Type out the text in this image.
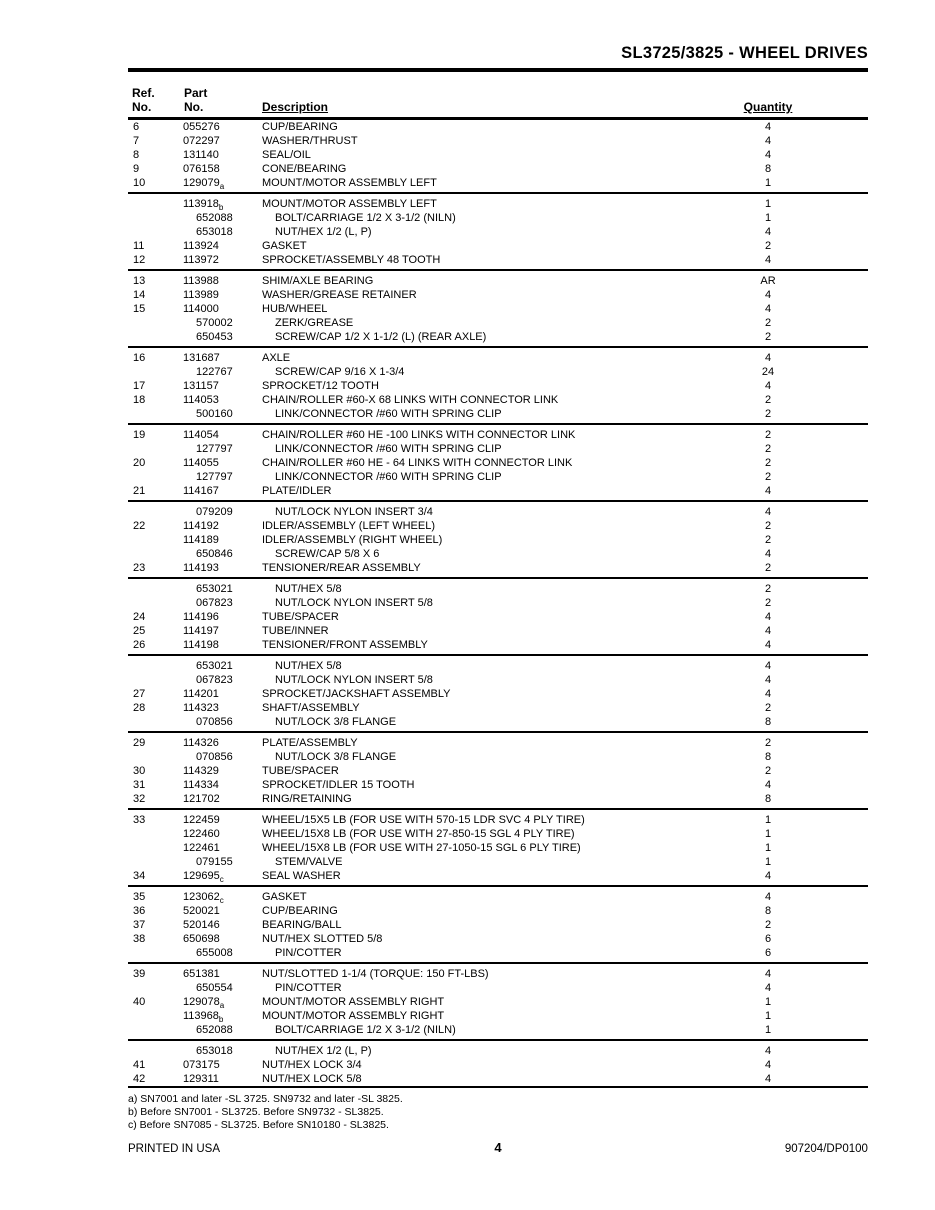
SL3725/3825 - WHEEL DRIVES
Ref.
No.
Part
No.	Description	Quantity
6	055276	CUP/BEARING	4
7	072297	WASHER/THRUST	4
8	131140	SEAL/OIL	4
9	076158	CONE/BEARING	8
10	$129079_a$	MOUNT/MOTOR ASSEMBLY LEFT	1
$113918_b$	MOUNT/MOTOR ASSEMBLY LEFT	1
652088	BOLT/CARRIAGE 1/2 X 3-1/2 (NILN)	1
653018	NUT/HEX 1/2 (L, P)	4
11	113924	GASKET	2
12	113972	SPROCKET/ASSEMBLY 48 TOOTH	4
13	113988	SHIM/AXLE BEARING	AR
14	113989	WASHER/GREASE RETAINER	4
15	114000	HUB/WHEEL	4
570002	ZERK/GREASE	2
650453	SCREW/CAP 1/2 X 1-1/2 (L) (REAR AXLE)	2
16	131687	AXLE	4
122767	SCREW/CAP 9/16 X 1-3/4	24
17	131157	SPROCKET/12 TOOTH	4
18	114053	CHAIN/ROLLER #60-X 68 LINKS WITH CONNECTOR LINK	2
500160	LINK/CONNECTOR /#60 WITH SPRING CLIP	2
19	114054	CHAIN/ROLLER #60 HE -100 LINKS WITH CONNECTOR LINK	2
127797	LINK/CONNECTOR /#60 WITH SPRING CLIP	2
20	114055	CHAIN/ROLLER #60 HE - 64 LINKS WITH CONNECTOR LINK	2
127797	LINK/CONNECTOR /#60 WITH SPRING CLIP	2
21	114167	PLATE/IDLER	4
079209	NUT/LOCK NYLON INSERT 3/4	4
22	114192	IDLER/ASSEMBLY (LEFT WHEEL)	2
114189	IDLER/ASSEMBLY (RIGHT WHEEL)	2
650846	SCREW/CAP 5/8 X 6	4
23	114193	TENSIONER/REAR ASSEMBLY	2
653021	NUT/HEX 5/8	2
067823	NUT/LOCK NYLON INSERT 5/8	2
24	114196	TUBE/SPACER	4
25	114197	TUBE/INNER	4
26	114198	TENSIONER/FRONT ASSEMBLY	4
653021	NUT/HEX 5/8	4
067823	NUT/LOCK NYLON INSERT 5/8	4
27	114201	SPROCKET/JACKSHAFT ASSEMBLY	4
28	114323	SHAFT/ASSEMBLY	2
070856	NUT/LOCK 3/8 FLANGE	8
29	114326	PLATE/ASSEMBLY	2
070856	NUT/LOCK 3/8 FLANGE	8
30	114329	TUBE/SPACER	2
31	114334	SPROCKET/IDLER 15 TOOTH	4
32	121702	RING/RETAINING	8
33	122459	WHEEL/15X5 LB (FOR USE WITH 570-15 LDR SVC 4 PLY TIRE)	1
122460	WHEEL/15X8 LB (FOR USE WITH 27-850-15 SGL 4 PLY TIRE)	1
122461	WHEEL/15X8 LB (FOR USE WITH 27-1050-15 SGL 6 PLY TIRE)	1
079155	STEM/VALVE	1
34	$129695_c$	SEAL WASHER	4
35	$123062_c$	GASKET	4
36	520021	CUP/BEARING	8
37	520146	BEARING/BALL	2
38	650698	NUT/HEX SLOTTED 5/8	6
655008	PIN/COTTER	6
39	651381	NUT/SLOTTED 1-1/4 (TORQUE: 150 FT-LBS)	4
650554	PIN/COTTER	4
40	$129078_a$	MOUNT/MOTOR ASSEMBLY RIGHT	1
$113968_b$	MOUNT/MOTOR ASSEMBLY RIGHT	1
652088	BOLT/CARRIAGE 1/2 X 3-1/2 (NILN)	1
653018	NUT/HEX 1/2 (L, P)	4
41	073175	NUT/HEX LOCK 3/4	4
42	129311	NUT/HEX LOCK 5/8	4
a) SN7001 and later -SL 3725. SN9732 and later -SL 3825.
b) Before SN7001 - SL3725. Before SN9732 - SL3825.
c) Before SN7085 - SL3725. Before SN10180 - SL3825.
PRINTED IN USA	4	907204/DP0100
